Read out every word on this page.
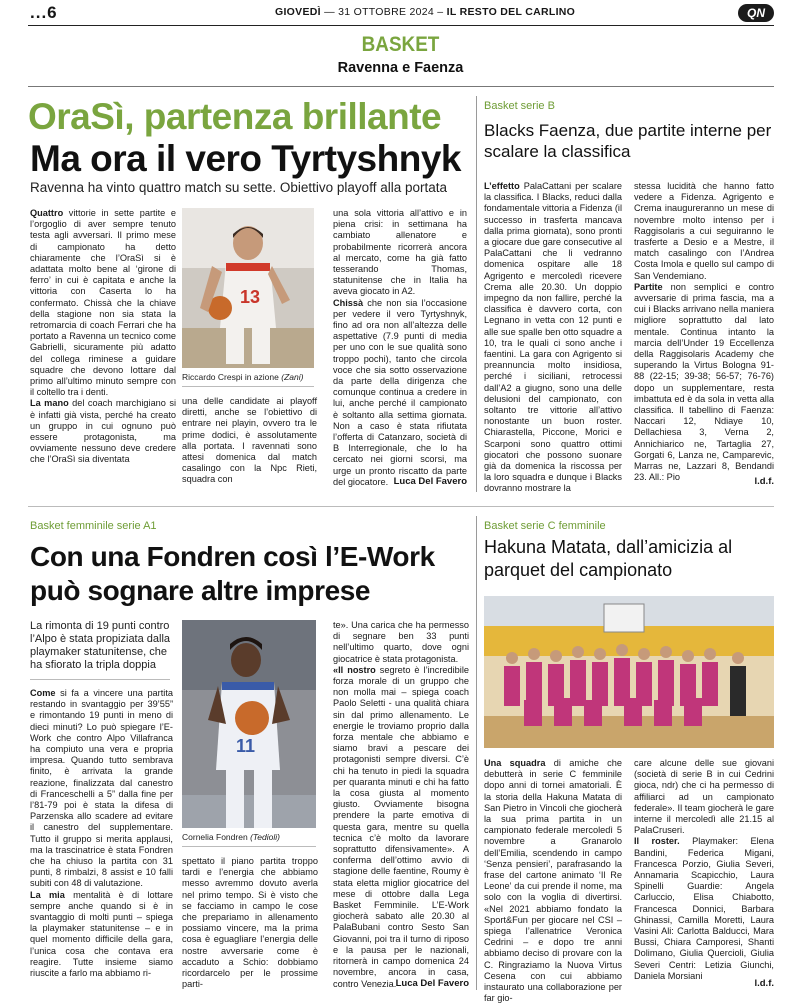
...6	GIOVEDÌ — 31 OTTOBRE 2024 – IL RESTO DEL CARLINO	QN
BASKET
Ravenna e Faenza
OraSì, partenza brillante
Ma ora il vero Tyrtyshnyk
Ravenna ha vinto quattro match su sette. Obiettivo playoff alla portata
Quattro vittorie in sette partite e l’orgoglio di aver sempre tenuto testa agli avversari. Il primo mese di campionato ha detto chiaramente che l’OraSì si è adattata molto bene al ‘girone di ferro’ in cui è capitata e anche la vittoria con Caserta lo ha confermato. Chissà che la chiave della stagione non sia stata la retromarcia di coach Ferrari che ha portato a Ravenna un tecnico come Gabrielli, sicuramente più adatto del collega riminese a guidare squadre che devono lottare dal primo all’ultimo minuto sempre con il coltello tra i denti.
La mano del coach marchigiano si è infatti già vista, perché ha creato un gruppo in cui ognuno può essere protagonista, ma ovviamente nessuno deve credere che l’OraSì sia diventata
13
Riccardo Crespi in azione (Zani)
una delle candidate ai playoff diretti, anche se l’obiettivo di entrare nei playin, ovvero tra le prime dodici, è assolutamente alla portata. I ravennati sono attesi domenica dal match casalingo con la Npc Rieti, squadra con
una sola vittoria all’attivo e in piena crisi: in settimana ha cambiato allenatore e probabilmente ricorrerà ancora al mercato, come ha già fatto tesserando Thomas, statunitense che in Italia ha aveva giocato in A2.
Chissà che non sia l’occasione per vedere il vero Tyrtyshnyk, fino ad ora non all’altezza delle aspettative (7.9 punti di media per uno con le sue qualità sono troppo pochi), tanto che circola voce che sia sotto osservazione da parte della dirigenza che comunque continua a credere in lui, anche perché il campionato è soltanto alla settima giornata. Non a caso è stata rifiutata l’offerta di Catanzaro, società di B Interregionale, che lo ha cercato nei giorni scorsi, ma urge un pronto riscatto da parte del giocatore. Luca Del Favero
Basket serie B
Blacks Faenza, due partite interne per scalare la classifica
L’effetto PalaCattani per scalare la classifica. I Blacks, reduci dalla fondamentale vittoria a Fidenza (il successo in trasferta mancava dalla prima giornata), sono pronti a giocare due gare consecutive al PalaCattani che li vedranno domenica ospitare alle 18 Agrigento e mercoledì ricevere Crema alle 20.30. Un doppio impegno da non fallire, perché la classifica è davvero corta, con Legnano in vetta con 12 punti e alle sue spalle ben otto squadre a 10, tra le quali ci sono anche i faentini. La gara con Agrigento si preannuncia molto insidiosa, perché i siciliani, retrocessi dall’A2 a giugno, sono una delle delusioni del campionato, con soltanto tre vittorie all’attivo nonostante un buon roster. Chiarastella, Piccone, Morici e Scarponi sono quattro ottimi giocatori che possono suonare già da domenica la riscossa per la loro squadra e dunque i Blacks dovranno mostrare la
stessa lucidità che hanno fatto vedere a Fidenza. Agrigento e Crema inaugureranno un mese di novembre molto intenso per i Raggisolaris a cui seguiranno le trasferte a Desio e a Mestre, il match casalingo con l’Andrea Costa Imola e quello sul campo di San Vendemiano.
Partite non semplici e contro avversarie di prima fascia, ma a cui i Blacks arrivano nella maniera migliore soprattutto dal lato mentale. Continua intanto la marcia dell’Under 19 Eccellenza della Raggisolaris Academy che superando la Virtus Bologna 91-88 (22-15; 39-38; 56-57; 76-76) dopo un supplementare, resta imbattuta ed è da sola in vetta alla classifica. Il tabellino di Faenza: Naccari 12, Ndiaye 10, Dellachiesa 3, Verna 2, Annichiarico ne, Tartaglia 27, Gorgati 6, Lanza ne, Camparevic, Marras ne, Lazzari 8, Bendandi 23. All.: Pio	l.d.f.
Basket femminile serie A1
Con una Fondren così l’E-Work
può sognare altre imprese
La rimonta di 19 punti contro l’Alpo è stata propiziata dalla playmaker statunitense, che ha sfiorato la tripla doppia
Come si fa a vincere una partita restando in svantaggio per 39’55” e rimontando 19 punti in meno di dieci minuti? Lo può spiegare l’E-Work che contro Alpo Villafranca ha compiuto una vera e propria impresa. Quando tutto sembrava finito, è arrivata la grande reazione, finalizzata dal canestro di Franceschelli a 5” dalla fine per l’81-79 poi è stata la difesa di Parzenska allo scadere ad evitare il canestro del supplementare. Tutto il gruppo si merita applausi, ma la trascinatrice è stata Fondren che ha chiuso la partita con 31 punti, 8 rimbalzi, 8 assist e 10 falli subiti con 48 di valutazione.
La mia mentalità è di lottare sempre anche quando si è in svantaggio di molti punti – spiega la playmaker statunitense – e in quel momento difficile della gara, l’unica cosa che contava era reagire. Tutte insieme siamo riuscite a farlo ma abbiamo ri-
11
Cornelia Fondren (Tedioli)
spettato il piano partita troppo tardi e l’energia che abbiamo messo avremmo dovuto averla nel primo tempo. Si è visto che se facciamo in campo le cose che prepariamo in allenamento possiamo vincere, ma la prima cosa è eguagliare l’energia delle nostre avversarie come è accaduto a Schio: dobbiamo ricordarcelo per le prossime parti-
te». Una carica che ha permesso di segnare ben 33 punti nell’ultimo quarto, dove ogni giocatrice è stata protagonista.
«Il nostro segreto è l’incredibile forza morale di un gruppo che non molla mai – spiega coach Paolo Seletti - una qualità chiara sin dal primo allenamento. Le energie le troviamo proprio dalla forza mentale che abbiamo e siamo bravi a pescare dei protagonisti sempre diversi. C’è chi ha tenuto in piedi la squadra per quaranta minuti e chi ha fatto la cosa giusta al momento giusto. Ovviamente bisogna prendere la parte emotiva di questa gara, mentre su quella tecnica c’è molto da lavorare soprattutto difensivamente». A conferma dell’ottimo avvio di stagione delle faentine, Roumy è stata eletta miglior giocatrice del mese di ottobre dalla Lega Basket Femminile. L’E-Work giocherà sabato alle 20.30 al PalaBubani contro Sesto San Giovanni, poi tra il turno di riposo e la pausa per le nazionali, ritornerà in campo domenica 24 novembre, ancora in casa, contro Venezia. Luca Del Favero
Basket serie C femminile
Hakuna Matata, dall’amicizia al parquet del campionato
Una squadra di amiche che debutterà in serie C femminile dopo anni di tornei amatoriali. È la storia della Hakuna Matata di San Pietro in Vincoli che giocherà la sua prima partita in un campionato federale mercoledì 5 novembre a Granarolo dell’Emilia, scendendo in campo ‘Senza pensieri’, parafrasando la frase del cartone animato ‘Il Re Leone’ da cui prende il nome, ma solo con la voglia di divertirsi. «Nel 2021 abbiamo fondato la Sport&Fun per giocare nel CSI – spiega l’allenatrice Veronica Cedrini – e dopo tre anni abbiamo deciso di provare con la C. Ringraziamo la Nuova Virtus Cesena con cui abbiamo instaurato una collaborazione per far gio-
care alcune delle sue giovani (società di serie B in cui Cedrini gioca, ndr) che ci ha permesso di affiliarci ad un campionato federale». Il team giocherà le gare interne il mercoledì alle 21.15 al PalaCruseri.
Il roster. Playmaker: Elena Bandini, Federica Migani, Francesca Porzio, Giulia Severi, Annamaria Scapicchio, Laura Spinelli Guardie: Angela Carluccio, Elisa Chiabotto, Francesca Donnici, Barbara Ghinassi, Camilla Moretti, Laura Vasini Ali: Carlotta Balducci, Mara Bussi, Chiara Camporesi, Shanti Dolimano, Giulia Quercioli, Giulia Severi Centri: Letizia Giunchi, Daniela Morsiani
l.d.f.
